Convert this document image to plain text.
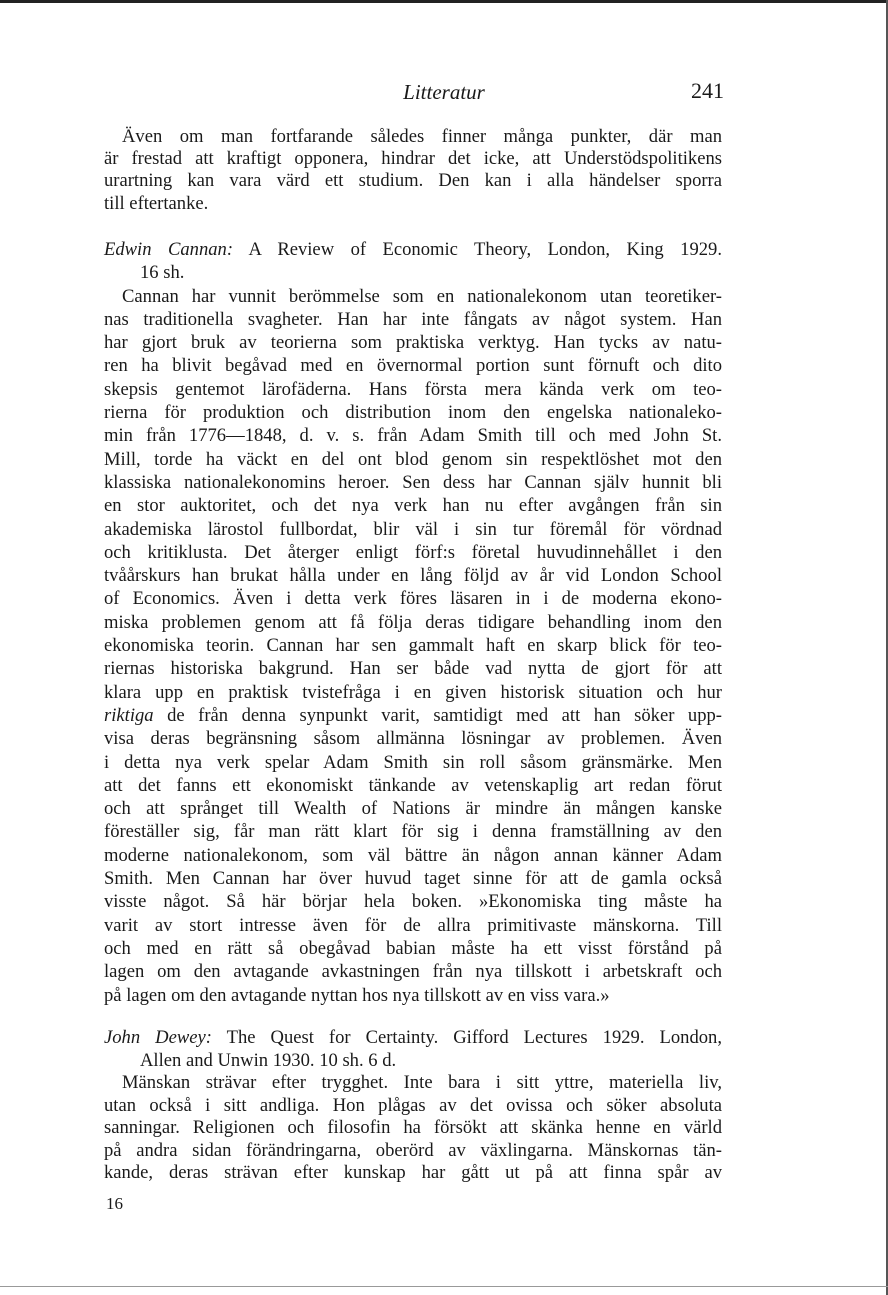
Litteratur	241
Även om man fortfarande således finner många punkter, där man
är frestad att kraftigt opponera, hindrar det icke, att Understödspolitikens
urartning kan vara värd ett studium. Den kan i alla händelser sporra
till eftertanke.
Edwin Cannan: A Review of Economic Theory, London, King 1929.
16 sh.
Cannan har vunnit berömmelse som en nationalekonom utan teoretiker-
nas traditionella svagheter. Han har inte fångats av något system. Han
har gjort bruk av teorierna som praktiska verktyg. Han tycks av natu-
ren ha blivit begåvad med en övernormal portion sunt förnuft och dito
skepsis gentemot lärofäderna. Hans första mera kända verk om teo-
rierna för produktion och distribution inom den engelska nationaleko-
min från 1776—1848, d. v. s. från Adam Smith till och med John St.
Mill, torde ha väckt en del ont blod genom sin respektlöshet mot den
klassiska nationalekonomins heroer. Sen dess har Cannan själv hunnit bli
en stor auktoritet, och det nya verk han nu efter avgången från sin
akademiska lärostol fullbordat, blir väl i sin tur föremål för vördnad
och kritiklusta. Det återger enligt förf:s företal huvudinnehållet i den
tvåårskurs han brukat hålla under en lång följd av år vid London School
of Economics. Även i detta verk föres läsaren in i de moderna ekono-
miska problemen genom att få följa deras tidigare behandling inom den
ekonomiska teorin. Cannan har sen gammalt haft en skarp blick för teo-
riernas historiska bakgrund. Han ser både vad nytta de gjort för att
klara upp en praktisk tvistefråga i en given historisk situation och hur
riktiga de från denna synpunkt varit, samtidigt med att han söker upp-
visa deras begränsning såsom allmänna lösningar av problemen. Även
i detta nya verk spelar Adam Smith sin roll såsom gränsmärke. Men
att det fanns ett ekonomiskt tänkande av vetenskaplig art redan förut
och att språnget till Wealth of Nations är mindre än mången kanske
föreställer sig, får man rätt klart för sig i denna framställning av den
moderne nationalekonom, som väl bättre än någon annan känner Adam
Smith. Men Cannan har över huvud taget sinne för att de gamla också
visste något. Så här börjar hela boken. »Ekonomiska ting måste ha
varit av stort intresse även för de allra primitivaste mänskorna. Till
och med en rätt så obegåvad babian måste ha ett visst förstånd på
lagen om den avtagande avkastningen från nya tillskott i arbetskraft och
på lagen om den avtagande nyttan hos nya tillskott av en viss vara.»
John Dewey: The Quest for Certainty. Gifford Lectures 1929. London,
Allen and Unwin 1930. 10 sh. 6 d.
Mänskan strävar efter trygghet. Inte bara i sitt yttre, materiella liv,
utan också i sitt andliga. Hon plågas av det ovissa och söker absoluta
sanningar. Religionen och filosofin ha försökt att skänka henne en värld
på andra sidan förändringarna, oberörd av växlingarna. Mänskornas tän-
kande, deras strävan efter kunskap har gått ut på att finna spår av
16
